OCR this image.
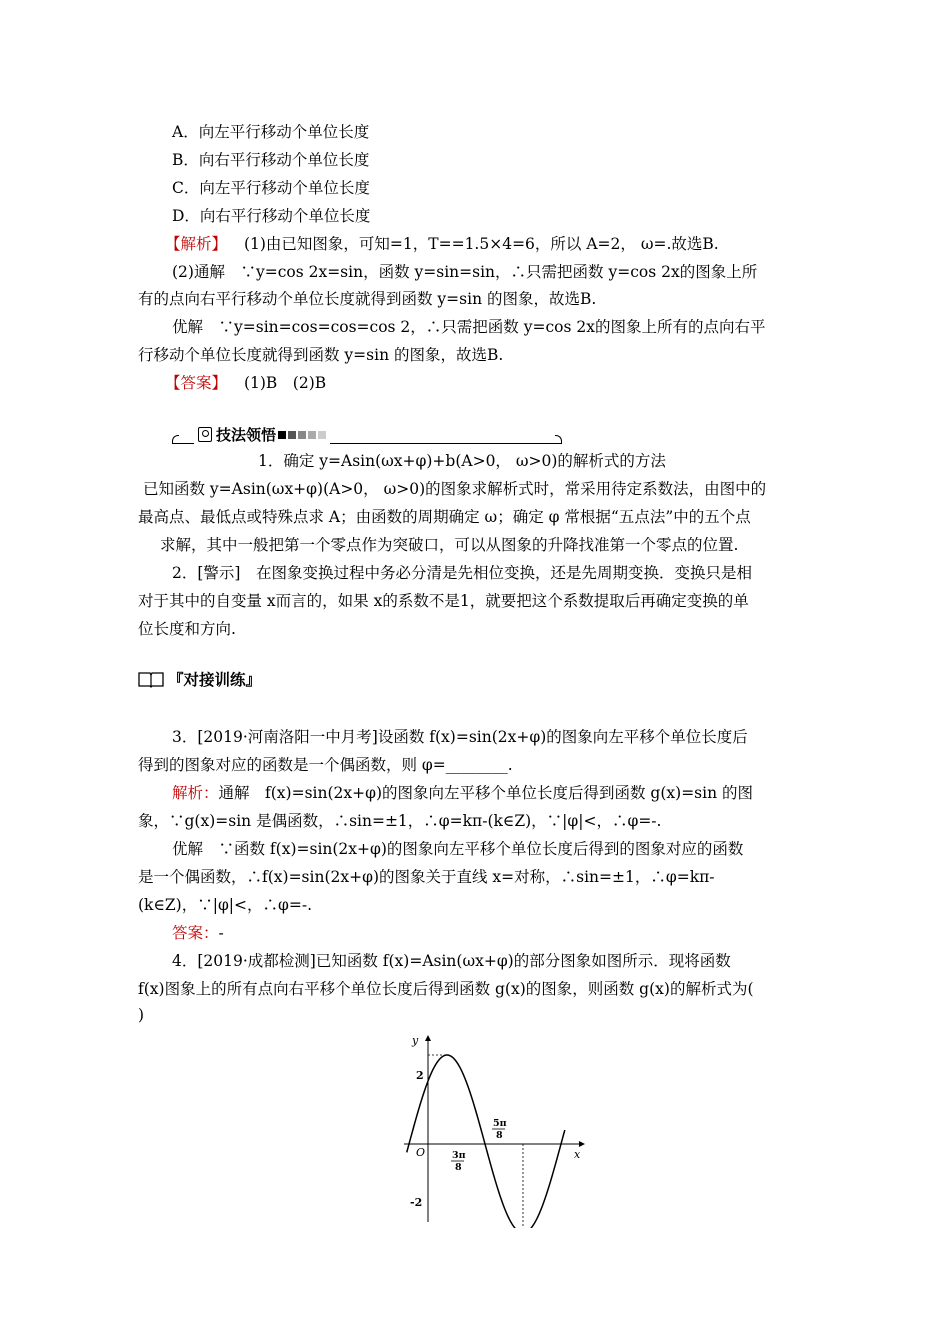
A．向左平行移动个单位长度
B．向右平行移动个单位长度
C．向左平行移动个单位长度
D．向右平行移动个单位长度
【解析】 (1)由已知图象，可知=1，T==1.5×4=6，所以 A=2， ω=.故选B.
(2)通解　∵y=cos 2x=sin，函数 y=sin=sin，∴只需把函数 y=cos 2x的图象上所
有的点向右平行移动个单位长度就得到函数 y=sin 的图象，故选B.
优解　∵y=sin=cos=cos=cos 2，∴只需把函数 y=cos 2x的图象上所有的点向右平
行移动个单位长度就得到函数 y=sin 的图象，故选B.
【答案】 (1)B　(2)B
技法领悟
1．确定 y=Asin(ωx+φ)+b(A>0， ω>0)的解析式的方法
已知函数 y=Asin(ωx+φ)(A>0， ω>0)的图象求解析式时，常采用待定系数法，由图中的
最高点、最低点或特殊点求 A；由函数的周期确定 ω；确定 φ 常根据“五点法”中的五个点
求解，其中一般把第一个零点作为突破口，可以从图象的升降找准第一个零点的位置.
2．[警示]　在图象变换过程中务必分清是先相位变换，还是先周期变换．变换只是相
对于其中的自变量 x而言的，如果 x的系数不是1，就要把这个系数提取后再确定变换的单
位长度和方向.
『对接训练』
3．[2019·河南洛阳一中月考]设函数 f(x)=sin(2x+φ)的图象向左平移个单位长度后
得到的图象对应的函数是一个偶函数，则 φ=________.
解析：通解　f(x)=sin(2x+φ)的图象向左平移个单位长度后得到函数 g(x)=sin 的图
象，∵g(x)=sin 是偶函数，∴sin=±1，∴φ=kπ-(k∈Z)，∵|φ|<，∴φ=-.
优解　∵函数 f(x)=sin(2x+φ)的图象向左平移个单位长度后得到的图象对应的函数
是一个偶函数，∴f(x)=sin(2x+φ)的图象关于直线 x=对称，∴sin=±1，∴φ=kπ-
(k∈Z)，∵|φ|<，∴φ=-.
答案：-
4．[2019·成都检测]已知函数 f(x)=Asin(ωx+φ)的部分图象如图所示．现将函数
f(x)图象上的所有点向右平移个单位长度后得到函数 g(x)的图象，则函数 g(x)的解析式为(
)
y
x
O
2
-2
3π
8
5π
8
